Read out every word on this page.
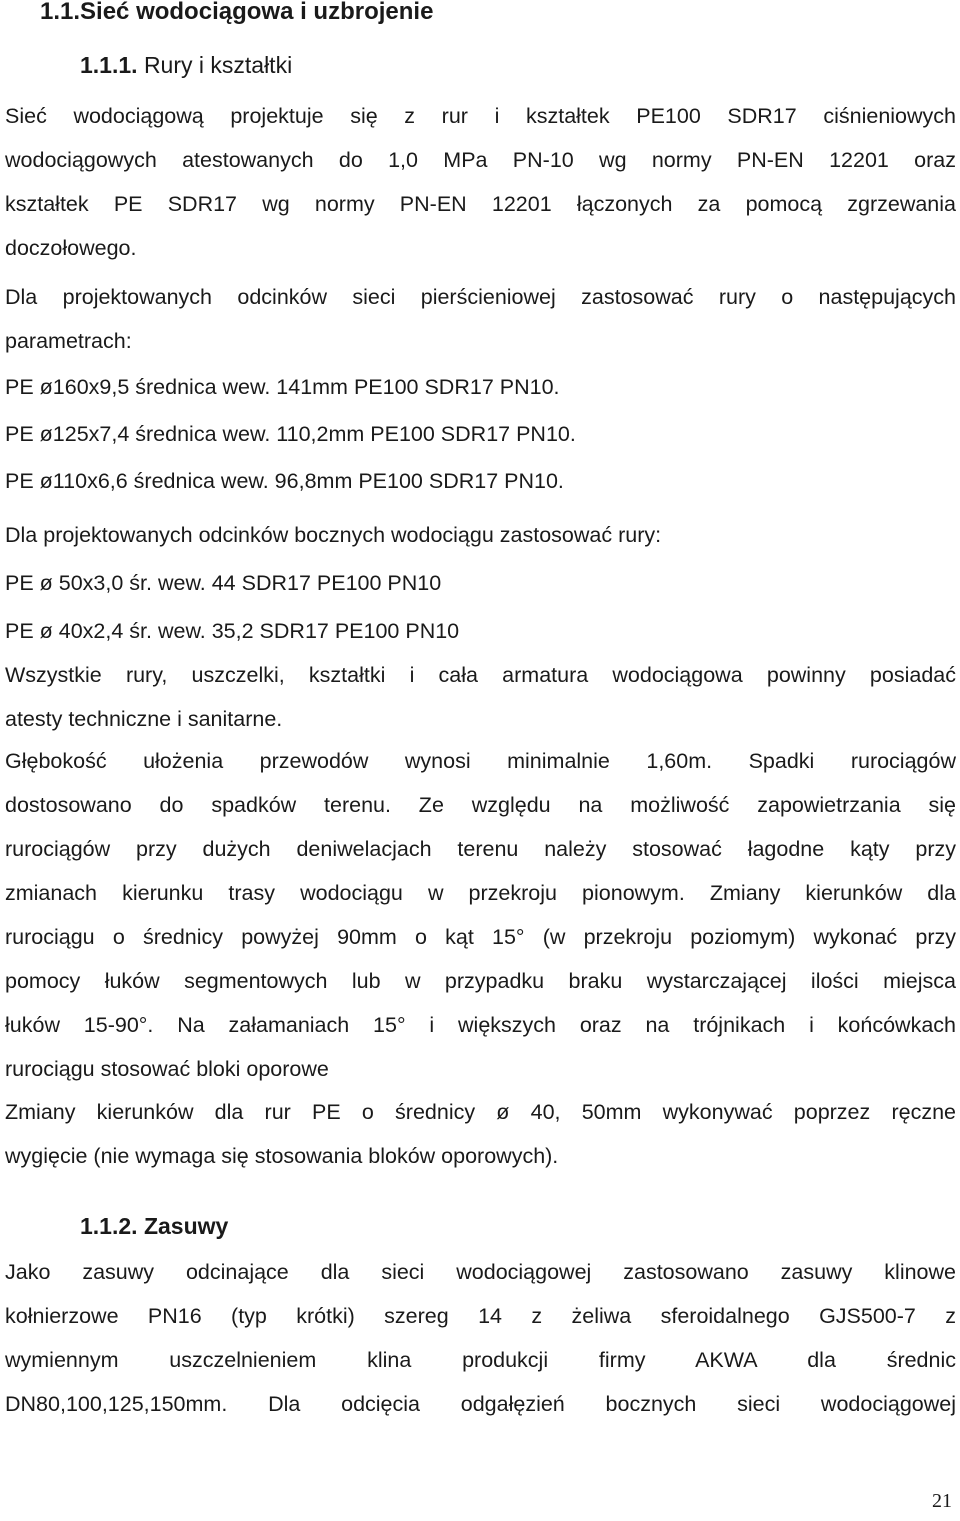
1.1.Sieć wodociągowa i uzbrojenie
1.1.1. Rury i kształtki
Sieć wodociągową projektuje się z rur i kształtek PE100 SDR17 ciśnieniowych
wodociągowych atestowanych do 1,0 MPa PN-10 wg normy PN-EN 12201 oraz
kształtek PE SDR17 wg normy PN-EN 12201 łączonych za pomocą zgrzewania
doczołowego.
Dla projektowanych odcinków sieci pierścieniowej zastosować rury o następujących
parametrach:
PE ø160x9,5 średnica wew. 141mm PE100 SDR17 PN10.
PE ø125x7,4 średnica wew. 110,2mm PE100 SDR17 PN10.
PE ø110x6,6 średnica wew. 96,8mm PE100 SDR17 PN10.
Dla projektowanych odcinków bocznych wodociągu zastosować rury:
PE ø 50x3,0 śr. wew. 44 SDR17 PE100 PN10
PE ø 40x2,4 śr. wew. 35,2 SDR17 PE100 PN10
Wszystkie rury, uszczelki, kształtki i cała armatura wodociągowa powinny posiadać
atesty techniczne i sanitarne.
Głębokość ułożenia przewodów wynosi minimalnie 1,60m. Spadki rurociągów
dostosowano do spadków terenu. Ze względu na możliwość zapowietrzania się
rurociągów przy dużych deniwelacjach terenu należy stosować łagodne kąty przy
zmianach kierunku trasy wodociągu w przekroju pionowym. Zmiany kierunków dla
rurociągu o średnicy powyżej 90mm o kąt 15° (w przekroju poziomym) wykonać przy
pomocy łuków segmentowych lub w przypadku braku wystarczającej ilości miejsca
łuków 15-90°. Na załamaniach 15° i większych oraz na trójnikach i końcówkach
rurociągu stosować bloki oporowe
Zmiany kierunków dla rur PE o średnicy ø 40, 50mm wykonywać poprzez ręczne
wygięcie (nie wymaga się stosowania bloków oporowych).
1.1.2. Zasuwy
Jako zasuwy odcinające dla sieci wodociągowej zastosowano zasuwy klinowe
kołnierzowe PN16 (typ krótki) szereg 14 z żeliwa sferoidalnego GJS500-7 z
wymiennym uszczelnieniem klina produkcji firmy AKWA dla średnic
DN80,100,125,150mm. Dla odcięcia odgałęzień bocznych sieci wodociągowej
21
